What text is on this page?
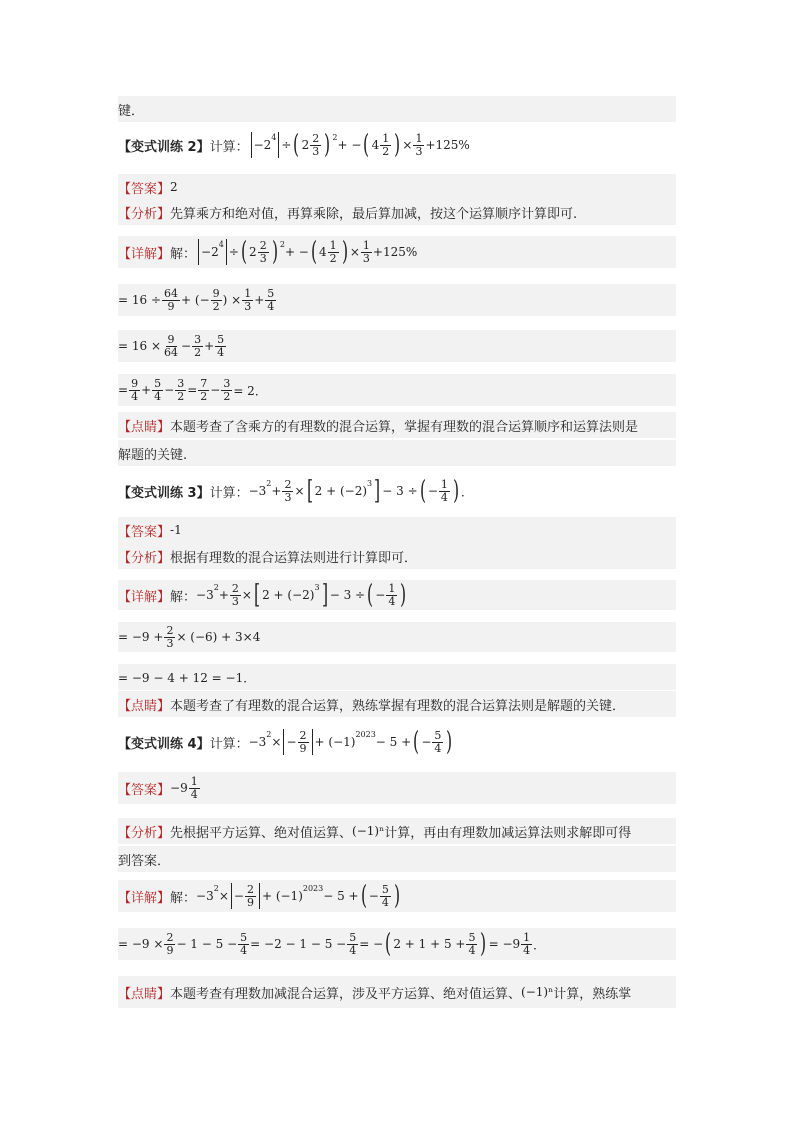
键．
【变式训练 2】 计算： −2
4
÷ ( $2 \frac{2}{3}$ ) 2
+ − ( $4 \frac{1}{2}$ ) × $\frac{1}{3} +125\%$
【答案】 2
【分析】 先算乘方和绝对值，再算乘除，最后算加减，按这个运算顺序计算即可.
【详解】 解： −2
4
÷ ( $2 \frac{2}{3}$ ) 2
+ − ( $4 \frac{1}{2}$ ) × $\frac{1}{3} +125\%$
= $16 \div \frac{64}{9}$ + (− $\frac{9}{2}$ ) × $\frac{1}{3} + \frac{5}{4}$
= $16 \times \frac{9}{64} - \frac{3}{2} + \frac{5}{4}$
= $\frac{9}{4} + \frac{5}{4} - \frac{3}{2} = \frac{7}{2} - \frac{3}{2} = 2$．
【点睛】 本题考查了含乘方的有理数的混合运算，掌握有理数的混合运算顺序和运算法则是
解题的关键.
【变式训练 3】 计算： −3
2
+ $\frac{2}{3}$ × [ 2 + (−2)
3 ] − 3 ÷ ( − $\frac{1}{4}$ ) ．
【答案】 -1
【分析】 根据有理数的混合运算法则进行计算即可．
【详解】 解： −3
2
+ $\frac{2}{3}$ × [ 2 + (−2)
3 ] − 3 ÷ ( − $\frac{1}{4}$ )
= $-9 + \frac{2}{3} \times (-6) + 3\times 4$
= −9 − 4 + 12 = −1．
【点睛】 本题考查了有理数的混合运算，熟练掌握有理数的混合运算法则是解题的关键．
【变式训练 4】 计算： −3
2
× − $\frac{2}{9} + (-1)$
2023
− 5 + ( − $\frac{5}{4}$ )
【答案】 $-9 \frac{1}{4}$
【分析】 先根据平方运算、绝对值运算、 (−1)ⁿ 计算，再由有理数加减运算法则求解即可得
到答案．
【详解】 解： −3
2
× − $\frac{2}{9} + (-1)$
2023
− 5 + ( − $\frac{5}{4}$ )
= $-9 \times \frac{2}{9} - 1 - 5 - \frac{5}{4} = -2 - 1 - 5 - \frac{5}{4}$ = − ( $2 + 1 + 5 + \frac{5}{4}$ ) = $-9 \frac{1}{4}$ ．
【点睛】 本题考查有理数加减混合运算，涉及平方运算、绝对值运算、 (−1)ⁿ 计算，熟练掌
